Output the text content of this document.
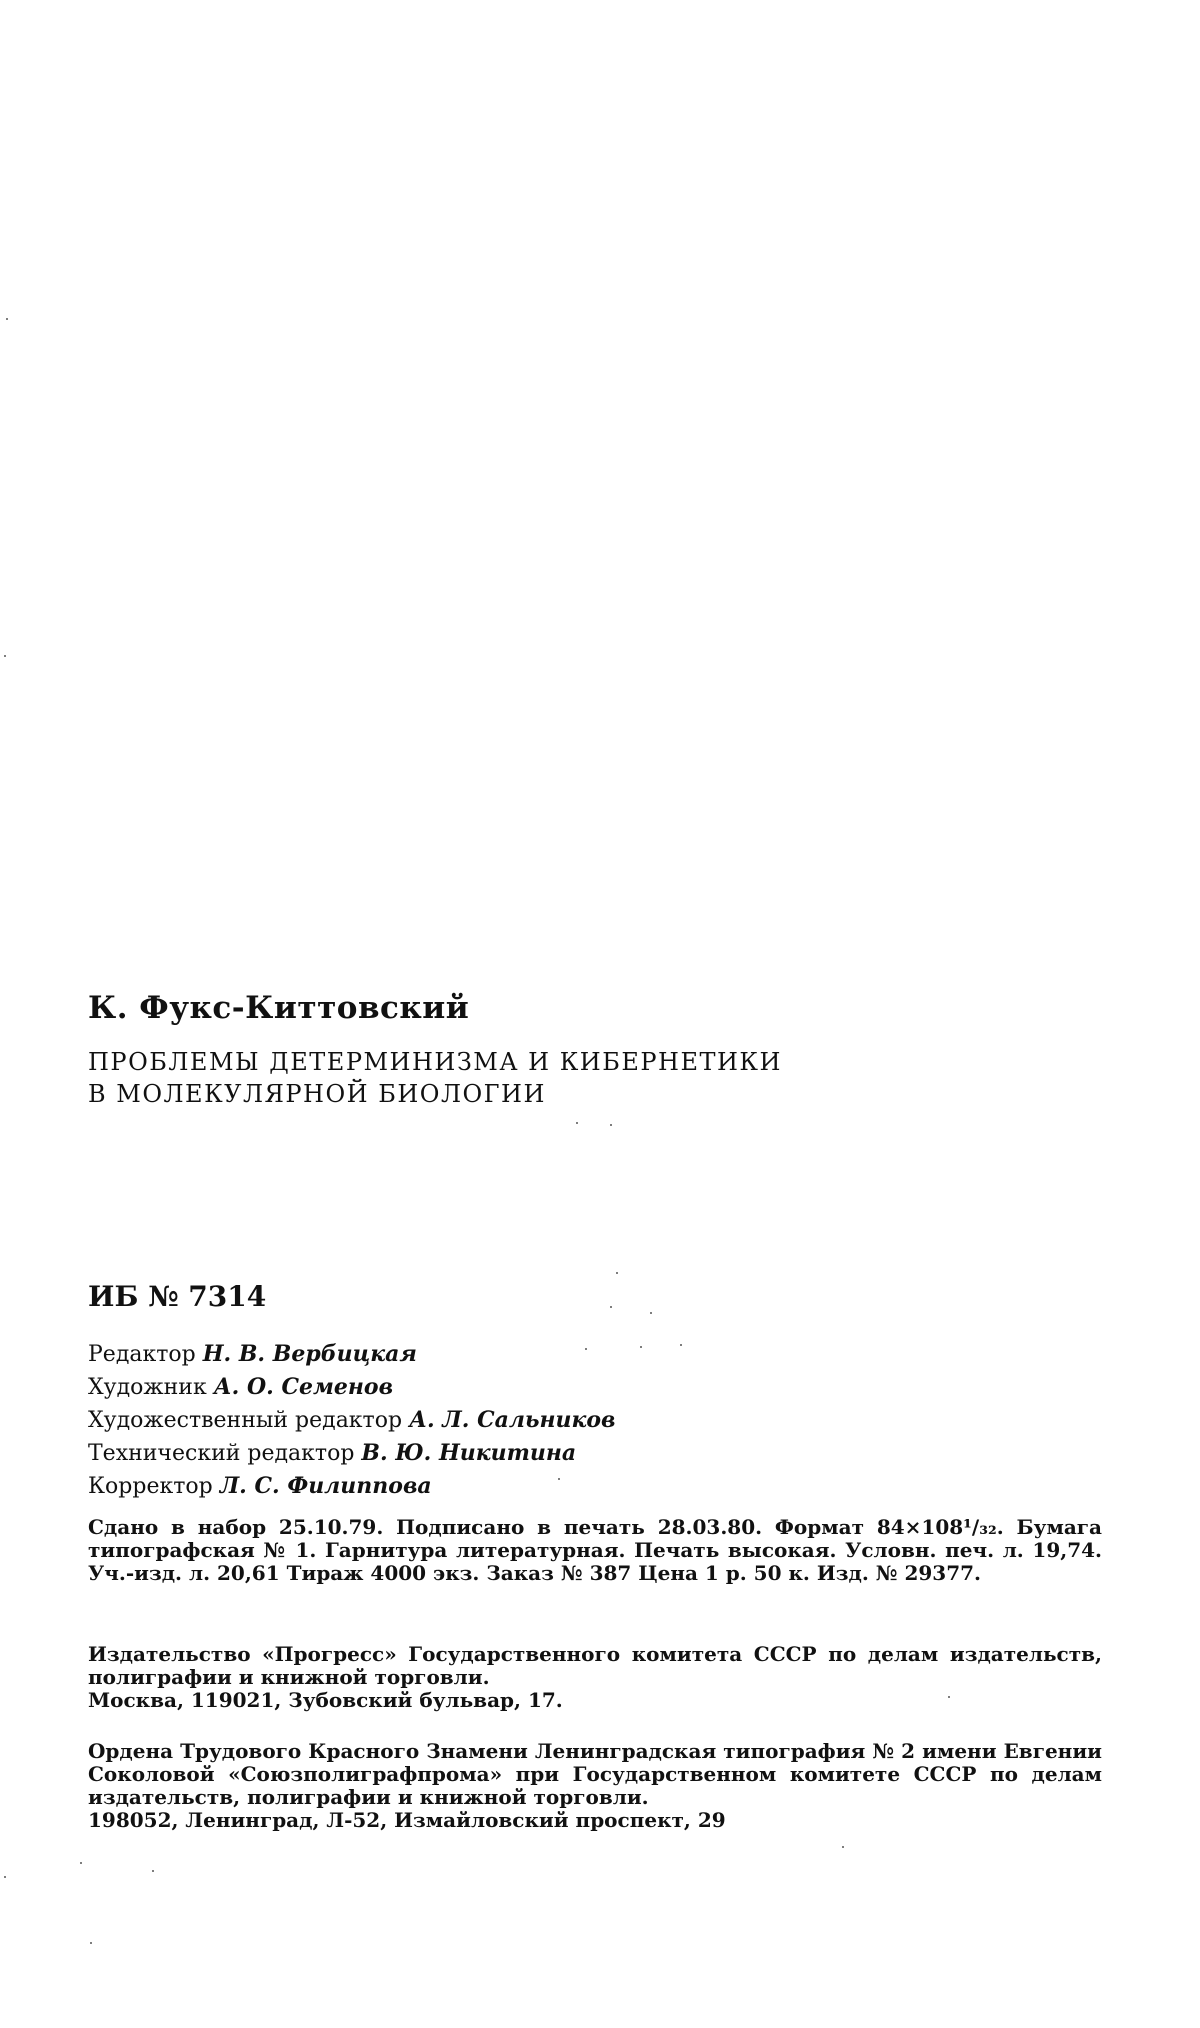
К. Фукс-Киттовский
ПРОБЛЕМЫ ДЕТЕРМИНИЗМА И КИБЕРНЕТИКИ
В МОЛЕКУЛЯРНОЙ БИОЛОГИИ
ИБ № 7314
Редактор Н. В. Вербицкая
Художник А. О. Семенов
Художественный редактор А. Л. Сальников
Технический редактор В. Ю. Никитина
Корректор Л. С. Филиппова
Сдано в набор 25.10.79. Подписано в печать 28.03.80. Формат 84×108¹/₃₂. Бумага типографская № 1. Гарнитура литературная. Печать высокая. Условн. печ. л. 19,74. Уч.-изд. л. 20,61 Тираж 4000 экз. Заказ № 387 Цена 1 р. 50 к. Изд. № 29377.
Издательство «Прогресс» Государственного комитета СССР по делам издательств, полиграфии и книжной торговли.
Москва, 119021, Зубовский бульвар, 17.
Ордена Трудового Красного Знамени Ленинградская типография № 2 имени Евгении Соколовой «Союзполиграфпрома» при Государственном комитете СССР по делам издательств, полиграфии и книжной торговли.
198052, Ленинград, Л-52, Измайловский проспект, 29
